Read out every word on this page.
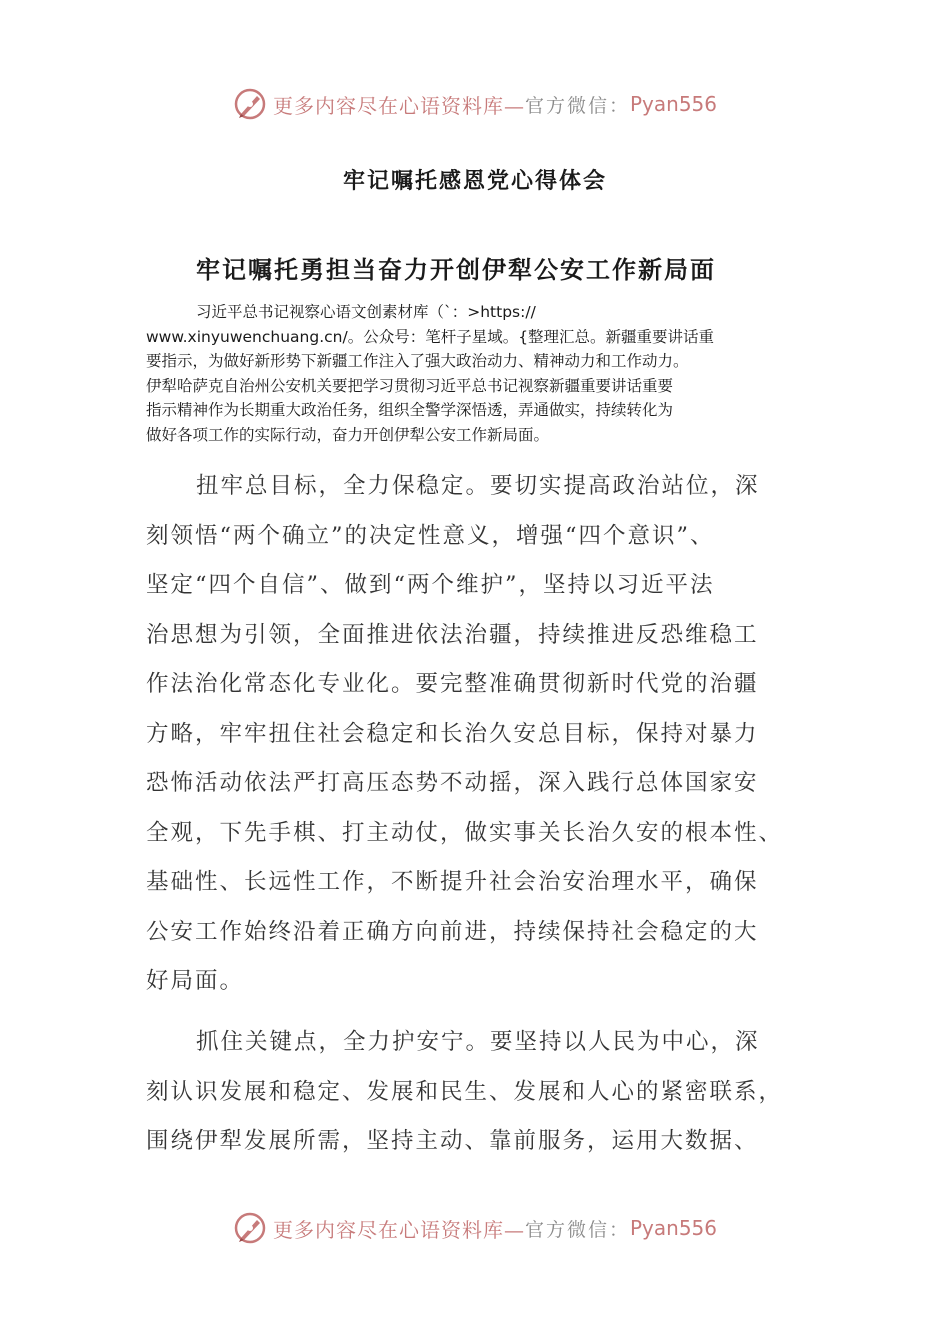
更多内容尽在心语资料库— 官方微信： Pyan556
牢记嘱托感恩党心得体会
牢记嘱托勇担当奋力开创伊犁公安工作新局面
习近平总书记视察心语文创素材库（`：>https://
www.xinyuwenchuang.cn/。公众号：笔杆子星域。{整理汇总。新疆重要讲话重
要指示，为做好新形势下新疆工作注入了强大政治动力、精神动力和工作动力。
伊犁哈萨克自治州公安机关要把学习贯彻习近平总书记视察新疆重要讲话重要
指示精神作为长期重大政治任务，组织全警学深悟透，弄通做实，持续转化为
做好各项工作的实际行动，奋力开创伊犁公安工作新局面。
扭牢总目标，全力保稳定。要切实提高政治站位，深
刻领悟“两个确立”的决定性意义，增强“四个意识”、
坚定“四个自信”、做到“两个维护”，坚持以习近平法
治思想为引领，全面推进依法治疆，持续推进反恐维稳工
作法治化常态化专业化。要完整准确贯彻新时代党的治疆
方略，牢牢扭住社会稳定和长治久安总目标，保持对暴力
恐怖活动依法严打高压态势不动摇，深入践行总体国家安
全观，下先手棋、打主动仗，做实事关长治久安的根本性、
基础性、长远性工作，不断提升社会治安治理水平，确保
公安工作始终沿着正确方向前进，持续保持社会稳定的大
好局面。
抓住关键点，全力护安宁。要坚持以人民为中心，深
刻认识发展和稳定、发展和民生、发展和人心的紧密联系，
围绕伊犁发展所需，坚持主动、靠前服务，运用大数据、
更多内容尽在心语资料库— 官方微信： Pyan556
